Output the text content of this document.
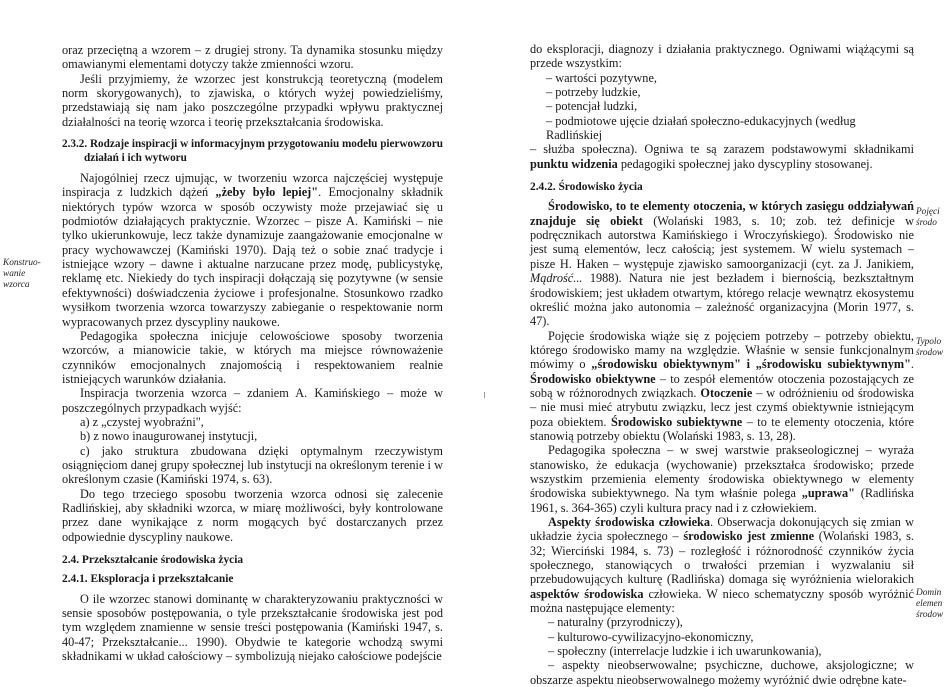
Konstruo-
wanie
wzorca

oraz przeciętną a wzorem – z drugiej strony. Ta dynamika stosunku między omawianymi elementami dotyczy także zmienności wzoru.

Jeśli przyjmiemy, że wzorzec jest konstrukcją teoretyczną (modelem norm skorygowanych), to zjawiska, o których wyżej powiedzieliśmy, przedstawiają się nam jako poszczególne przypadki wpływu praktycznej działalności na teorię wzorca i teorię przekształcania środowiska.

2.3.2. Rodzaje inspiracji w informacyjnym przygotowaniu modelu pierwowzoru
działań i ich wytworu

Najogólniej rzecz ujmując, w tworzeniu wzorca najczęściej występuje inspiracja z ludzkich dążeń „żeby było lepiej". Emocjonalny składnik niektórych typów wzorca w sposób oczywisty może przejawiać się u podmiotów działających praktycznie. Wzorzec – pisze A. Kamiński – nie tylko ukierunkowuje, lecz także dynamizuje zaangażowanie emocjonalne w pracy wychowawczej (Kamiński 1970). Dają też o sobie znać tradycje i istniejące wzory – dawne i aktualne narzucane przez modę, publicystykę, reklamę etc. Niekiedy do tych inspiracji dołączają się pozytywne (w sensie efektywności) doświadczenia życiowe i profesjonalne. Stosunkowo rzadko wysiłkom tworzenia wzorca towarzyszy zabieganie o respektowanie norm wypracowanych przez dyscypliny naukowe.

Pedagogika społeczna inicjuje celowościowe sposoby tworzenia wzorców, a mianowicie takie, w których ma miejsce równoważenie czynników emocjonalnych znajomością i respektowaniem realnie istniejących warunków działania.

Inspiracja tworzenia wzorca – zdaniem A. Kamińskiego – może w poszczególnych przypadkach wyjść:

a) z „czystej wyobraźni",
b) z nowo inaugurowanej instytucji,
c) jako struktura zbudowana dzięki optymalnym rzeczywistym osiągnięciom danej grupy społecznej lub instytucji na określonym terenie i w określonym czasie (Kamiński 1974, s. 63).

Do tego trzeciego sposobu tworzenia wzorca odnosi się zalecenie Radlińskiej, aby składniki wzorca, w miarę możliwości, były kontrolowane przez dane wynikające z norm mogących być dostarczanych przez odpowiednie dyscypliny naukowe.

2.4. Przekształcanie środowiska życia
2.4.1. Eksploracja i przekształcanie

O ile wzorzec stanowi dominantę w charakteryzowaniu praktyczności w sensie sposobów postępowania, o tyle przekształcanie środowiska jest pod tym względem znamienne w sensie treści postępowania (Kamiński 1947, s. 40-47; Przekształcanie... 1990). Obydwie te kategorie wchodzą swymi składnikami w układ całościowy – symbolizują niejako całościowe podejście

do eksploracji, diagnozy i działania praktycznego. Ogniwami wiążącymi są przede wszystkim:

– wartości pozytywne,
– potrzeby ludzkie,
– potencjał ludzki,
– podmiotowe ujęcie działań społeczno-edukacyjnych (według Radlińskiej

– służba społeczna). Ogniwa te są zarazem podstawowymi składnikami punktu widzenia pedagogiki społecznej jako dyscypliny stosowanej.

2.4.2. Środowisko życia

Środowisko, to te elementy otoczenia, w których zasięgu oddziaływań znajduje się obiekt (Wolański 1983, s. 10; zob. też definicje w podręcznikach autorstwa Kamińskiego i Wroczyńskiego). Środowisko nie jest sumą elementów, lecz całością; jest systemem. W wielu systemach – pisze H. Haken – występuje zjawisko samoorganizacji (cyt. za J. Janikiem, Mądrość... 1988). Natura nie jest bezładem i biernością, bezkształtnym środowiskiem; jest układem otwartym, którego relacje wewnątrz ekosystemu określić można jako autonomia – zależność organizacyjna (Morin 1977, s. 47).

Pojęcie środowiska wiąże się z pojęciem potrzeby – potrzeby obiektu, którego środowisko mamy na względzie. Właśnie w sensie funkcjonalnym mówimy o „środowisku obiektywnym" i „środowisku subiektywnym". Środowisko obiektywne – to zespół elementów otoczenia pozostających ze sobą w różnorodnych związkach. Otoczenie – w odróżnieniu od środowiska – nie musi mieć atrybutu związku, lecz jest czymś obiektywnie istniejącym poza obiektem. Środowisko subiektywne – to te elementy otoczenia, które stanowią potrzeby obiektu (Wolański 1983, s. 13, 28).

Pedagogika społeczna – w swej warstwie prakseologicznej – wyraża stanowisko, że edukacja (wychowanie) przekształca środowisko; przede wszystkim przemienia elementy środowiska obiektywnego w elementy środowiska subiektywnego. Na tym właśnie polega „uprawa" (Radlińska 1961, s. 364-365) czyli kultura pracy nad i z człowiekiem.

Aspekty środowiska człowieka. Obserwacja dokonujących się zmian w układzie życia społecznego – środowisko jest zmienne (Wolański 1983, s. 32; Wierciński 1984, s. 73) – rozległość i różnorodność czynników życia społecznego, stanowiących o trwałości przemian i wyzwalaniu sił przebudowujących kulturę (Radlińska) domaga się wyróżnienia wielorakich aspektów środowiska człowieka. W nieco schematyczny sposób wyróżnić można następujące elementy:

– naturalny (przyrodniczy),
– kulturowo-cywilizacyjno-ekonomiczny,
– społeczny (interrelacje ludzkie i ich uwarunkowania),

– aspekty nieobserwowalne; psychiczne, duchowe, aksjologiczne; w obszarze aspektu nieobserwowalnego możemy wyróżnić dwie odrębne kate-

Pojęci
środo
Typolo
środow
Domin
elemen
środow
